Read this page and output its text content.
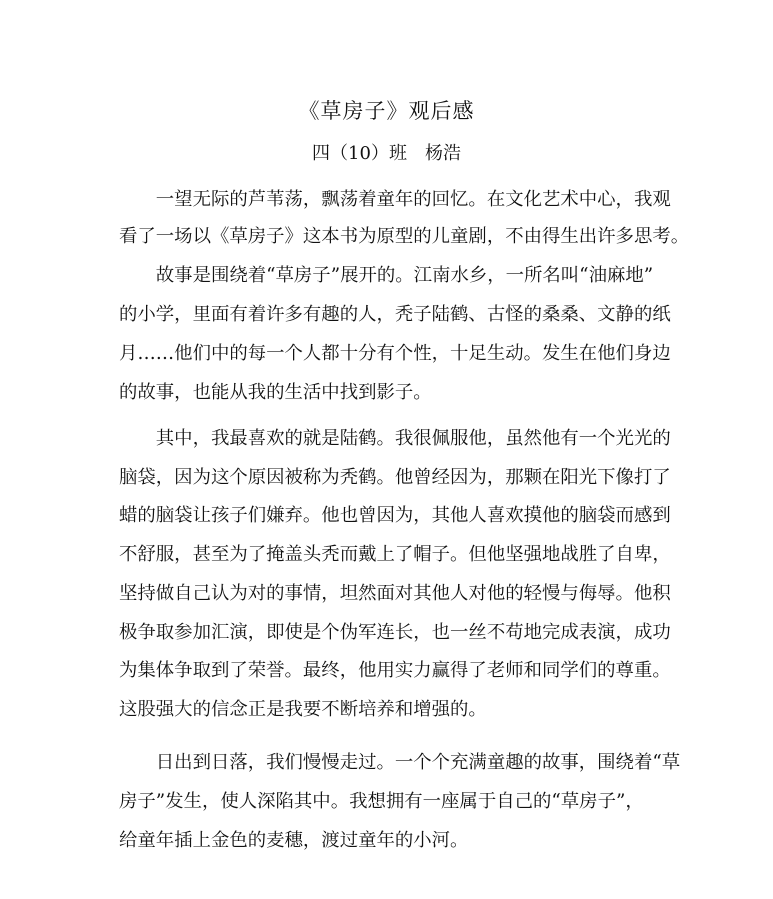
《草房子》观后感
四（10）班　杨浩
　　一望无际的芦苇荡，飘荡着童年的回忆。在文化艺术中心，我观
看了一场以《草房子》这本书为原型的儿童剧，不由得生出许多思考。
　　故事是围绕着“草房子”展开的。江南水乡，一所名叫“油麻地”
的小学，里面有着许多有趣的人，秃子陆鹤、古怪的桑桑、文静的纸
月……他们中的每一个人都十分有个性，十足生动。发生在他们身边
的故事，也能从我的生活中找到影子。
　　其中，我最喜欢的就是陆鹤。我很佩服他，虽然他有一个光光的
脑袋，因为这个原因被称为秃鹤。他曾经因为，那颗在阳光下像打了
蜡的脑袋让孩子们嫌弃。他也曾因为，其他人喜欢摸他的脑袋而感到
不舒服，甚至为了掩盖头秃而戴上了帽子。但他坚强地战胜了自卑，
坚持做自己认为对的事情，坦然面对其他人对他的轻慢与侮辱。他积
极争取参加汇演，即使是个伪军连长，也一丝不苟地完成表演，成功
为集体争取到了荣誉。最终，他用实力赢得了老师和同学们的尊重。
这股强大的信念正是我要不断培养和增强的。
　　日出到日落，我们慢慢走过。一个个充满童趣的故事，围绕着“草
房子”发生，使人深陷其中。我想拥有一座属于自己的“草房子”，
给童年插上金色的麦穗，渡过童年的小河。
